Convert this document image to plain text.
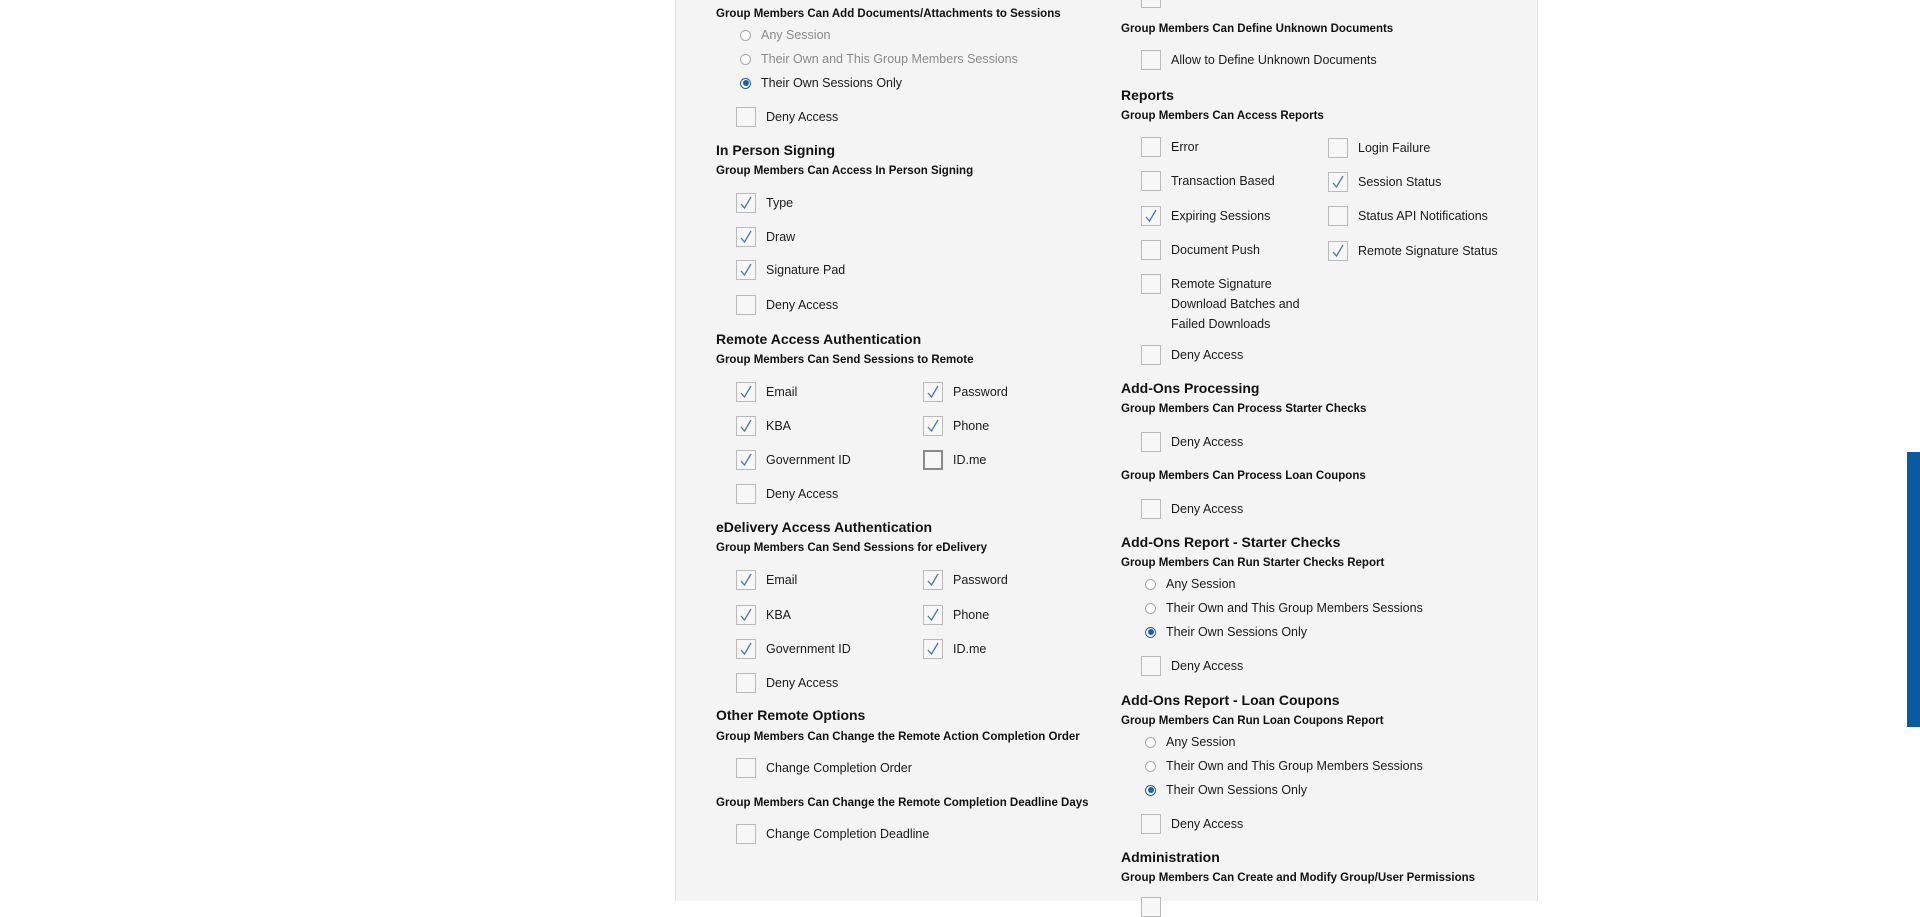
Group Members Can Add Documents/Attachments to Sessions
Any Session
Their Own and This Group Members Sessions
Their Own Sessions Only
Deny Access
In Person Signing
Group Members Can Access In Person Signing
Type
Draw
Signature Pad
Deny Access
Remote Access Authentication
Group Members Can Send Sessions to Remote
Email	Password
KBA	Phone
Government ID	ID.me
Deny Access
eDelivery Access Authentication
Group Members Can Send Sessions for eDelivery
Email	Password
KBA	Phone
Government ID	ID.me
Deny Access
Other Remote Options
Group Members Can Change the Remote Action Completion Order
Change Completion Order
Group Members Can Change the Remote Completion Deadline Days
Change Completion Deadline
Group Members Can Define Unknown Documents
Allow to Define Unknown Documents
Reports
Group Members Can Access Reports
Error	Login Failure
Transaction Based	Session Status
Expiring Sessions	Status API Notifications
Document Push	Remote Signature Status
Remote Signature Download Batches and Failed Downloads
Deny Access
Add-Ons Processing
Group Members Can Process Starter Checks
Deny Access
Group Members Can Process Loan Coupons
Deny Access
Add-Ons Report - Starter Checks
Group Members Can Run Starter Checks Report
Any Session
Their Own and This Group Members Sessions
Their Own Sessions Only
Deny Access
Add-Ons Report - Loan Coupons
Group Members Can Run Loan Coupons Report
Any Session
Their Own and This Group Members Sessions
Their Own Sessions Only
Deny Access
Administration
Group Members Can Create and Modify Group/User Permissions
